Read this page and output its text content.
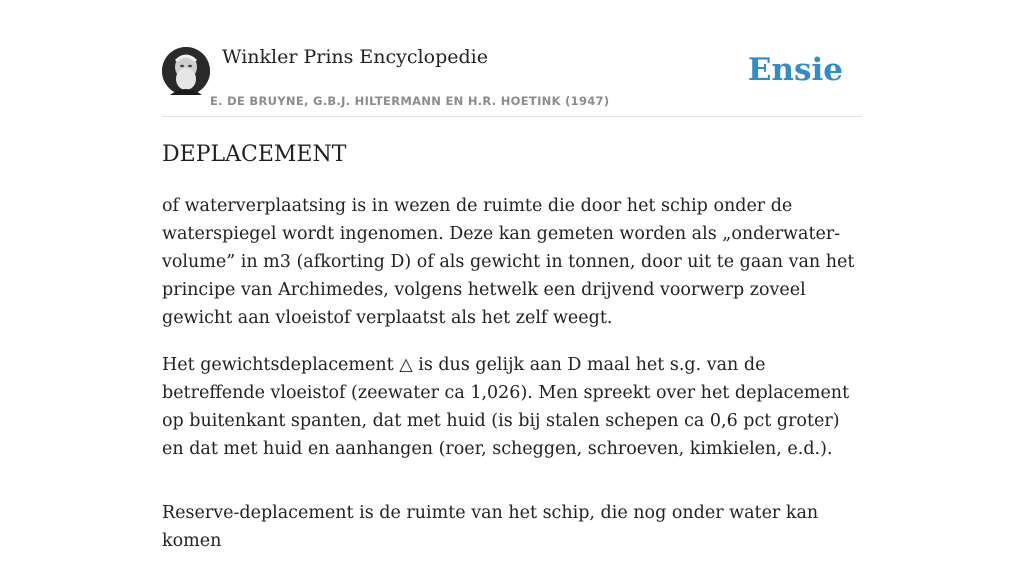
Winkler Prins Encyclopedie
E. DE BRUYNE, G.B.J. HILTERMANN EN H.R. HOETINK (1947)
Ensie
DEPLACEMENT

of waterverplaatsing is in wezen de ruimte die door het schip onder de waterspiegel wordt ingenomen. Deze kan gemeten worden als „onderwater-volume” in m3 (afkorting D) of als gewicht in tonnen, door uit te gaan van het principe van Archimedes, volgens hetwelk een drijvend voorwerp zoveel gewicht aan vloeistof verplaatst als het zelf weegt.

Het gewichtsdeplacement △ is dus gelijk aan D maal het s.g. van de betreffende vloeistof (zeewater ca 1,026). Men spreekt over het deplacement op buitenkant spanten, dat met huid (is bij stalen schepen ca 0,6 pct groter) en dat met huid en aanhangen (roer, scheggen, schroeven, kimkielen, e.d.).

Reserve-deplacement is de ruimte van het schip, die nog onder water kan komen
